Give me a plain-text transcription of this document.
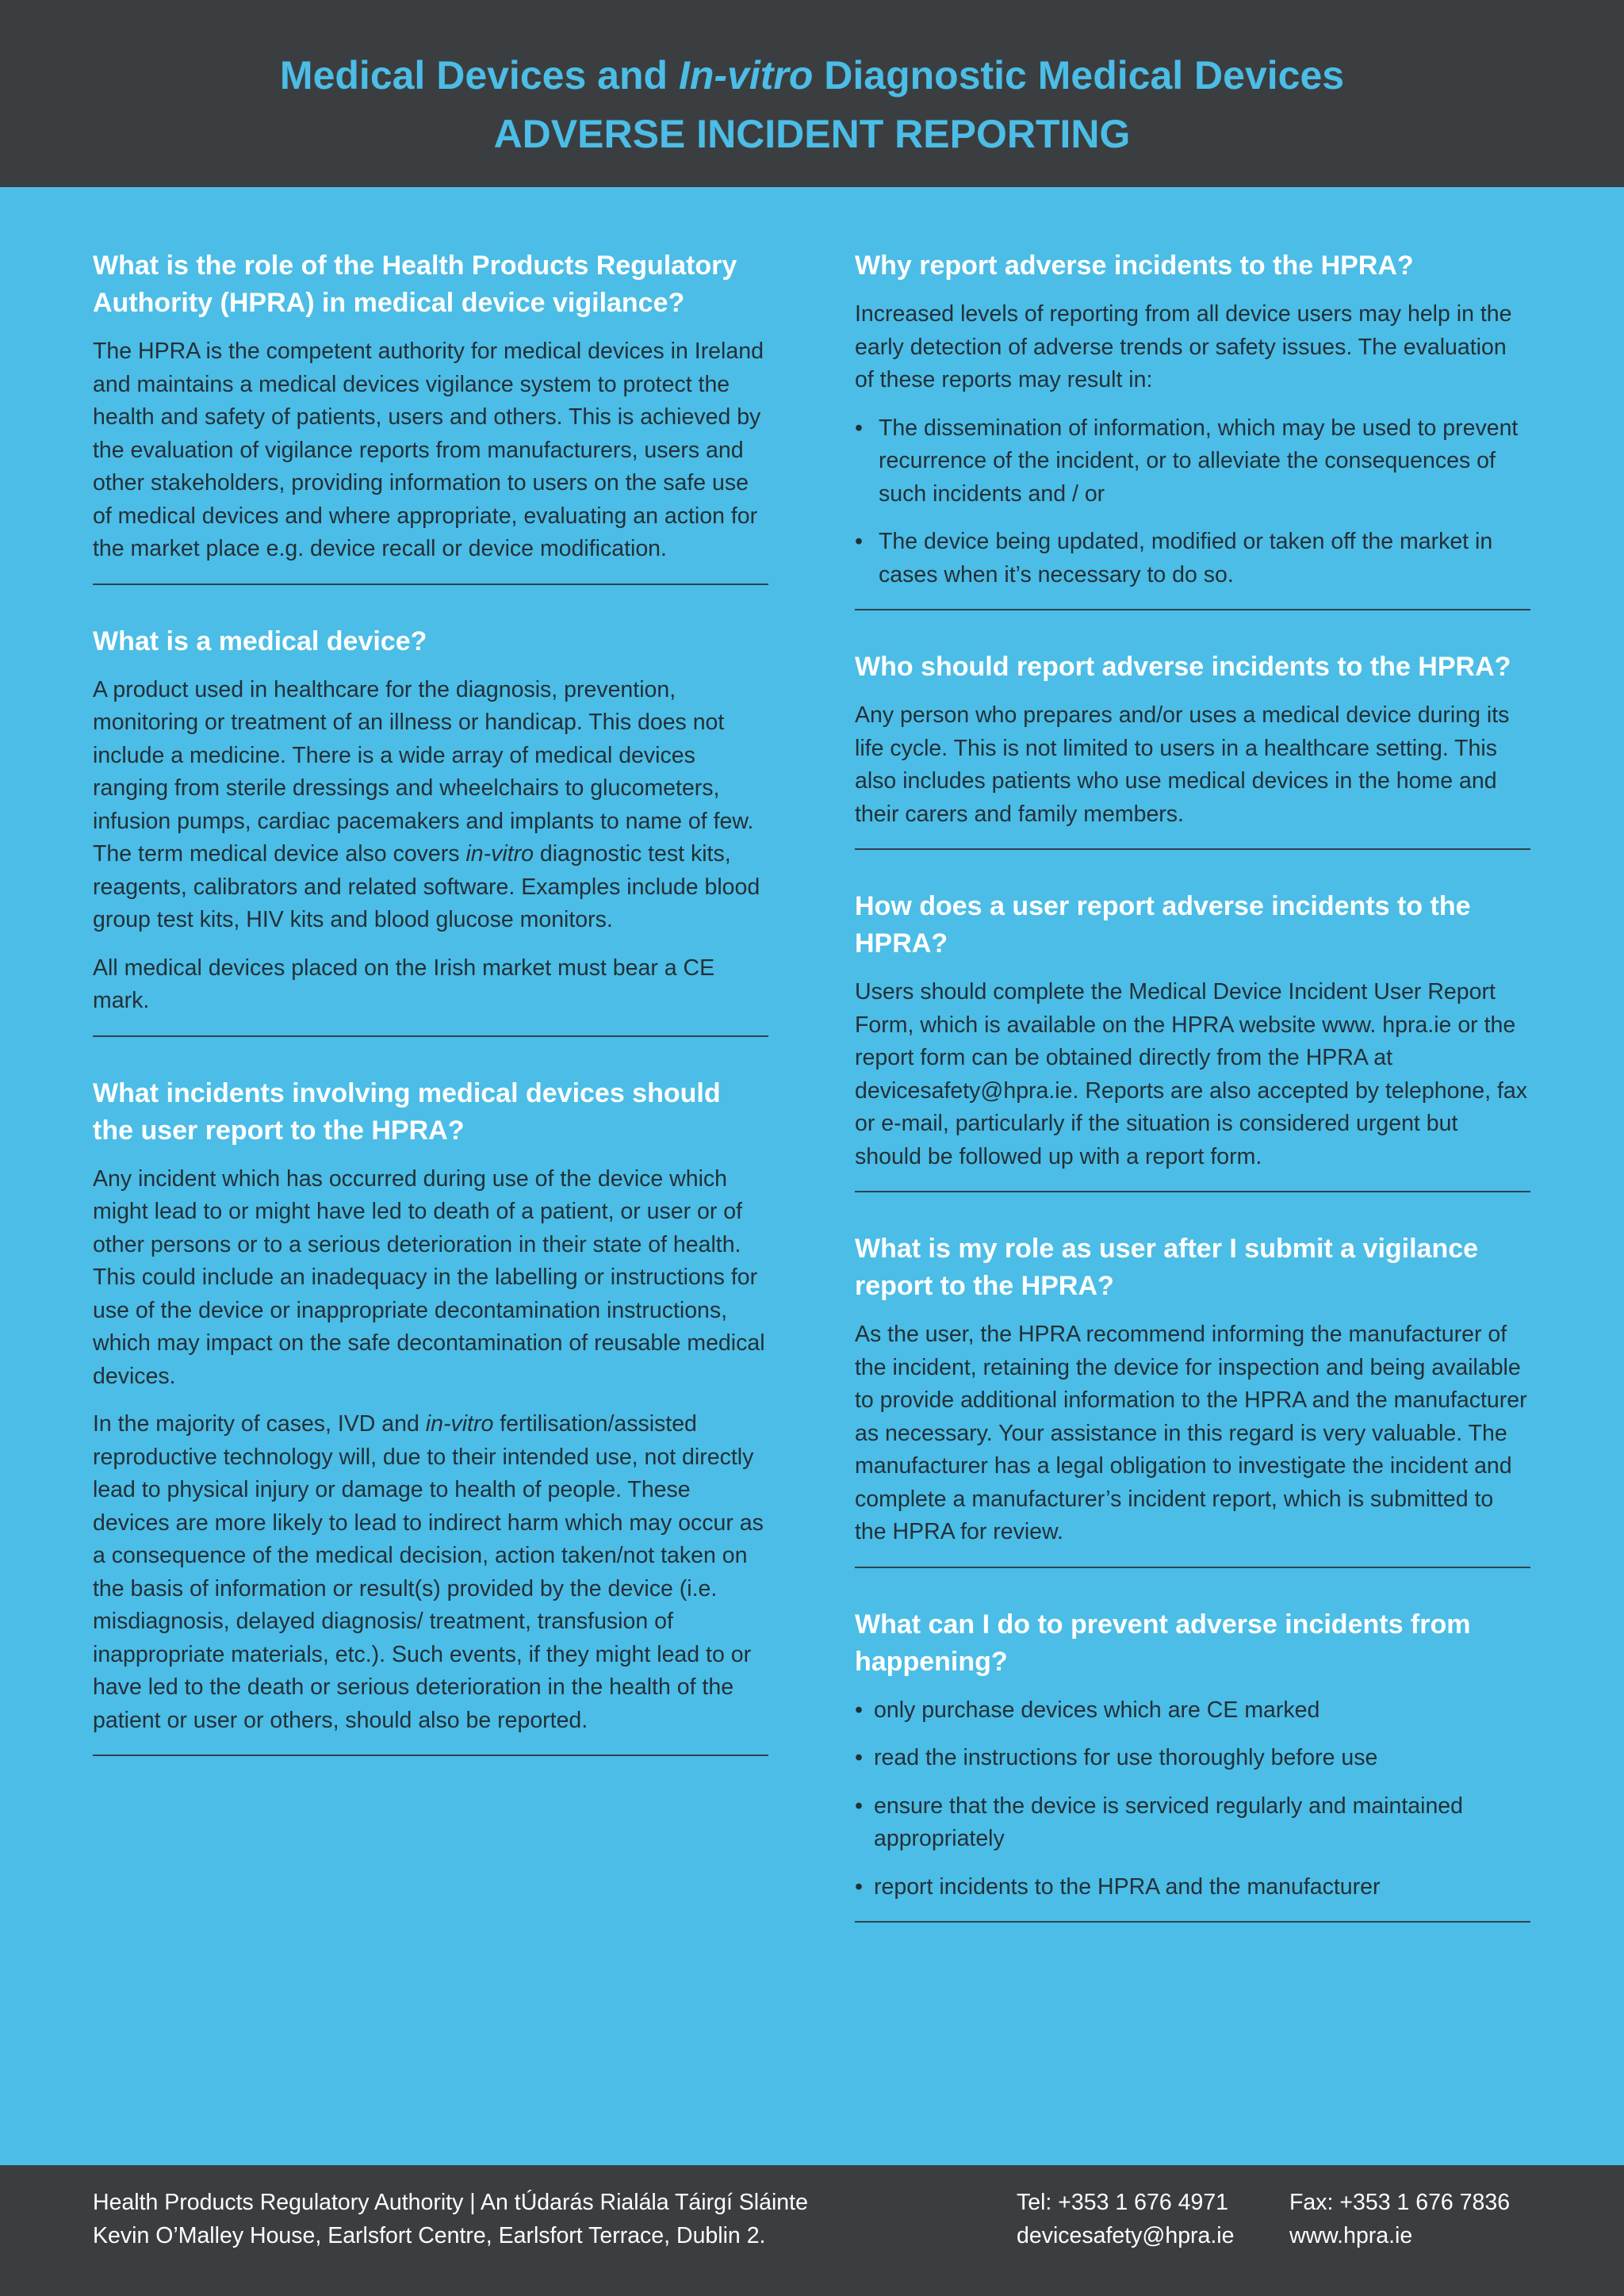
Medical Devices and In-vitro Diagnostic Medical Devices
ADVERSE INCIDENT REPORTING
What is the role of the Health Products Regulatory Authority (HPRA) in medical device vigilance?

The HPRA is the competent authority for medical devices in Ireland and maintains a medical devices vigilance system to protect the health and safety of patients, users and others. This is achieved by the evaluation of vigilance reports from manufacturers, users and other stakeholders, providing information to users on the safe use of medical devices and where appropriate, evaluating an action for the market place e.g. device recall or device modification.

What is a medical device?

A product used in healthcare for the diagnosis, prevention, monitoring or treatment of an illness or handicap. This does not include a medicine. There is a wide array of medical devices ranging from sterile dressings and wheelchairs to glucometers, infusion pumps, cardiac pacemakers and implants to name of few. The term medical device also covers in-vitro diagnostic test kits, reagents, calibrators and related software. Examples include blood group test kits, HIV kits and blood glucose monitors.

All medical devices placed on the Irish market must bear a CE mark.

What incidents involving medical devices should the user report to the HPRA?

Any incident which has occurred during use of the device which might lead to or might have led to death of a patient, or user or of other persons or to a serious deterioration in their state of health. This could include an inadequacy in the labelling or instructions for use of the device or inappropriate decontamination instructions, which may impact on the safe decontamination of reusable medical devices.

In the majority of cases, IVD and in-vitro fertilisation/assisted reproductive technology will, due to their intended use, not directly lead to physical injury or damage to health of people. These devices are more likely to lead to indirect harm which may occur as a consequence of the medical decision, action taken/not taken on the basis of information or result(s) provided by the device (i.e. misdiagnosis, delayed diagnosis/ treatment, transfusion of inappropriate materials, etc.). Such events, if they might lead to or have led to the death or serious deterioration in the health of the patient or user or others, should also be reported.

Why report adverse incidents to the HPRA?

Increased levels of reporting from all device users may help in the early detection of adverse trends or safety issues. The evaluation of these reports may result in:

• The dissemination of information, which may be used to prevent recurrence of the incident, or to alleviate the consequences of such incidents and / or
• The device being updated, modified or taken off the market in cases when it’s necessary to do so.
Who should report adverse incidents to the HPRA?

Any person who prepares and/or uses a medical device during its life cycle. This is not limited to users in a healthcare setting. This also includes patients who use medical devices in the home and their carers and family members.

How does a user report adverse incidents to the HPRA?

Users should complete the Medical Device Incident User Report Form, which is available on the HPRA website www. hpra.ie or the report form can be obtained directly from the HPRA at devicesafety@hpra.ie. Reports are also accepted by telephone, fax or e-mail, particularly if the situation is considered urgent but should be followed up with a report form.

What is my role as user after I submit a vigilance report to the HPRA?

As the user, the HPRA recommend informing the manufacturer of the incident, retaining the device for inspection and being available to provide additional information to the HPRA and the manufacturer as necessary. Your assistance in this regard is very valuable. The manufacturer has a legal obligation to investigate the incident and complete a manufacturer’s incident report, which is submitted to the HPRA for review.

What can I do to prevent adverse incidents from happening?
• only purchase devices which are CE marked
• read the instructions for use thoroughly before use
• ensure that the device is serviced regularly and maintained appropriately
• report incidents to the HPRA and the manufacturer
Health Products Regulatory Authority | An tÚdarás Rialála Táirgí Sláinte
Kevin O’Malley House, Earlsfort Centre, Earlsfort Terrace, Dublin 2.
Tel: +353 1 676 4971
devicesafety@hpra.ie
Fax: +353 1 676 7836
www.hpra.ie
